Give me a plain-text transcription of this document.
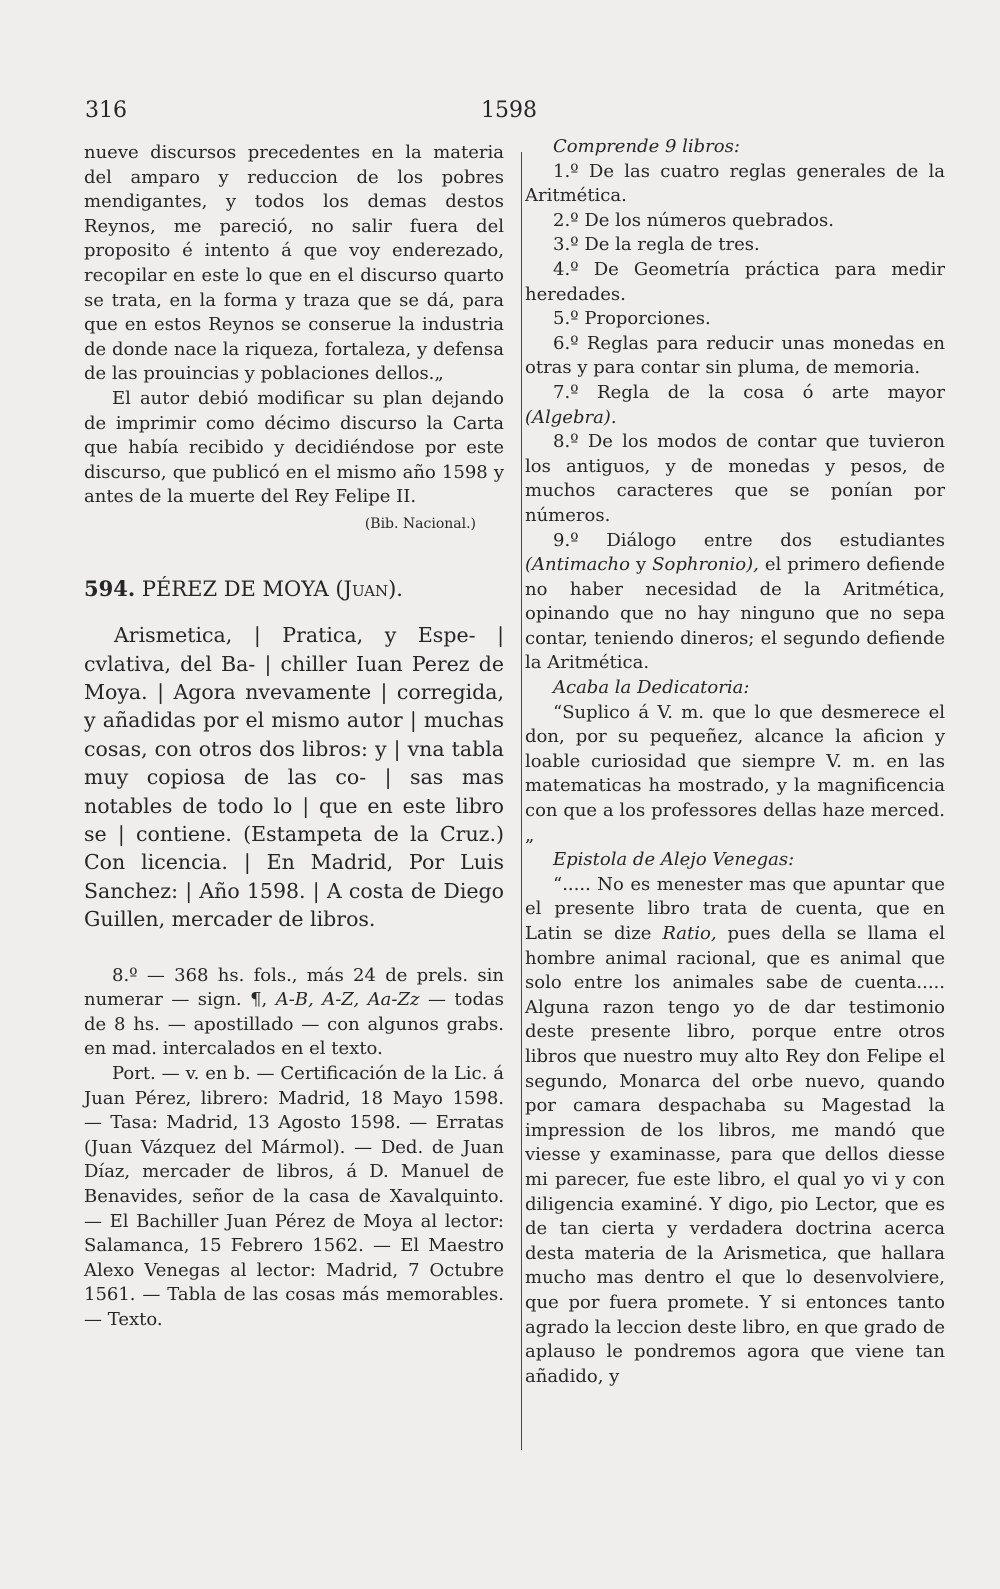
316	1598

nueve discursos precedentes en la materia del amparo y reduccion de los pobres mendigantes, y todos los demas destos Reynos, me pareció, no salir fuera del proposito é intento á que voy enderezado, recopilar en este lo que en el discurso quarto se trata, en la forma y traza que se dá, para que en estos Reynos se conserue la industria de donde nace la riqueza, fortaleza, y defensa de las prouincias y poblaciones dellos.„

El autor debió modificar su plan dejando de imprimir como décimo discurso la Carta que había recibido y decidiéndose por este discurso, que publicó en el mismo año 1598 y antes de la muerte del Rey Felipe II.

(Bib. Nacional.)
594. PÉREZ DE MOYA (Juan).

Arismetica, | Pratica, y Espe- | cvlativa, del Ba- | chiller Iuan Perez de Moya. | Agora nvevamente | corregida, y añadidas por el mismo autor | muchas cosas, con otros dos libros: y | vna tabla muy copiosa de las co- | sas mas notables de todo lo | que en este libro se | contiene. (Estampeta de la Cruz.) Con licencia. | En Madrid, Por Luis Sanchez: | Año 1598. | A costa de Diego Guillen, mercader de libros.

8.º — 368 hs. fols., más 24 de prels. sin numerar — sign. ¶, A-B, A-Z, Aa-Zz — todas de 8 hs. — apostillado — con algunos grabs. en mad. intercalados en el texto.

Port. — v. en b. — Certificación de la Lic. á Juan Pérez, librero: Madrid, 18 Mayo 1598. — Tasa: Madrid, 13 Agosto 1598. — Erratas (Juan Vázquez del Mármol). — Ded. de Juan Díaz, mercader de libros, á D. Manuel de Benavides, señor de la casa de Xavalquinto. — El Bachiller Juan Pérez de Moya al lector: Salamanca, 15 Febrero 1562. — El Maestro Alexo Venegas al lector: Madrid, 7 Octubre 1561. — Tabla de las cosas más memorables. — Texto.

Comprende 9 libros:

1.º De las cuatro reglas generales de la Aritmética.

2.º De los números quebrados.

3.º De la regla de tres.

4.º De Geometría práctica para medir heredades.

5.º Proporciones.

6.º Reglas para reducir unas monedas en otras y para contar sin pluma, de memoria.

7.º Regla de la cosa ó arte mayor (Algebra).

8.º De los modos de contar que tuvieron los antiguos, y de monedas y pesos, de muchos caracteres que se ponían por números.

9.º Diálogo entre dos estudiantes (Antimacho y Sophronio), el primero defiende no haber necesidad de la Aritmética, opinando que no hay ninguno que no sepa contar, teniendo dineros; el segundo defiende la Aritmética.

Acaba la Dedicatoria:

“Suplico á V. m. que lo que desmerece el don, por su pequeñez, alcance la aficion y loable curiosidad que siempre V. m. en las matematicas ha mostrado, y la magnificencia con que a los professores dellas haze merced.„

Epistola de Alejo Venegas:

“..... No es menester mas que apuntar que el presente libro trata de cuenta, que en Latin se dize Ratio, pues della se llama el hombre animal racional, que es animal que solo entre los animales sabe de cuenta..... Alguna razon tengo yo de dar testimonio deste presente libro, porque entre otros libros que nuestro muy alto Rey don Felipe el segundo, Monarca del orbe nuevo, quando por camara despachaba su Magestad la impression de los libros, me mandó que viesse y examinasse, para que dellos diesse mi parecer, fue este libro, el qual yo vi y con diligencia examiné. Y digo, pio Lector, que es de tan cierta y verdadera doctrina acerca desta materia de la Arismetica, que hallara mucho mas dentro el que lo desenvolviere, que por fuera promete. Y si entonces tanto agrado la leccion deste libro, en que grado de aplauso le pondremos agora que viene tan añadido, y
